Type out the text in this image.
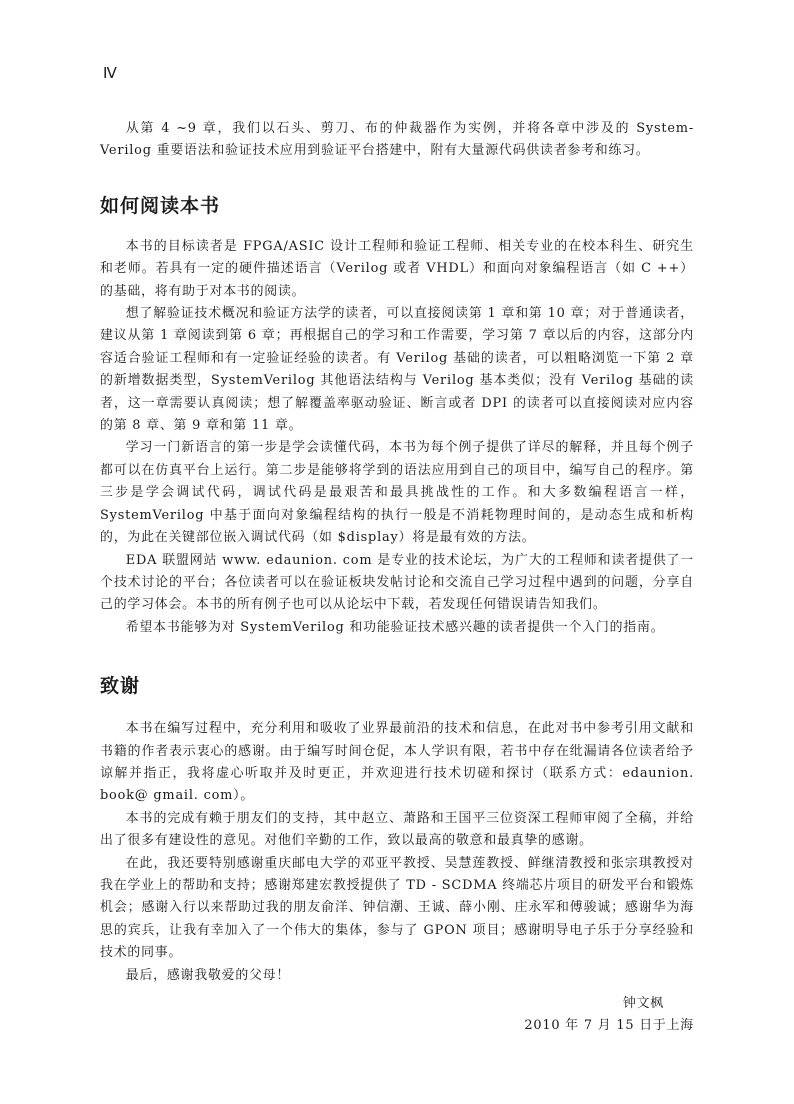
Ⅳ

从第 4 ~9 章，我们以石头、剪刀、布的仲裁器作为实例，并将各章中涉及的 System-Verilog 重要语法和验证技术应用到验证平台搭建中，附有大量源代码供读者参考和练习。

如何阅读本书

本书的目标读者是 FPGA/ASIC 设计工程师和验证工程师、相关专业的在校本科生、研究生和老师。若具有一定的硬件描述语言（Verilog 或者 VHDL）和面向对象编程语言（如 C ++）的基础，将有助于对本书的阅读。

想了解验证技术概况和验证方法学的读者，可以直接阅读第 1 章和第 10 章；对于普通读者，建议从第 1 章阅读到第 6 章；再根据自己的学习和工作需要，学习第 7 章以后的内容，这部分内容适合验证工程师和有一定验证经验的读者。有 Verilog 基础的读者，可以粗略浏览一下第 2 章的新增数据类型，SystemVerilog 其他语法结构与 Verilog 基本类似；没有 Verilog 基础的读者，这一章需要认真阅读；想了解覆盖率驱动验证、断言或者 DPI 的读者可以直接阅读对应内容的第 8 章、第 9 章和第 11 章。

学习一门新语言的第一步是学会读懂代码，本书为每个例子提供了详尽的解释，并且每个例子都可以在仿真平台上运行。第二步是能够将学到的语法应用到自己的项目中，编写自己的程序。第三步是学会调试代码，调试代码是最艰苦和最具挑战性的工作。和大多数编程语言一样，SystemVerilog 中基于面向对象编程结构的执行一般是不消耗物理时间的，是动态生成和析构的，为此在关键部位嵌入调试代码（如 $display）将是最有效的方法。

EDA 联盟网站 www. edaunion. com 是专业的技术论坛，为广大的工程师和读者提供了一个技术讨论的平台；各位读者可以在验证板块发帖讨论和交流自己学习过程中遇到的问题，分享自己的学习体会。本书的所有例子也可以从论坛中下载，若发现任何错误请告知我们。

希望本书能够为对 SystemVerilog 和功能验证技术感兴趣的读者提供一个入门的指南。

致谢

本书在编写过程中，充分利用和吸收了业界最前沿的技术和信息，在此对书中参考引用文献和书籍的作者表示衷心的感谢。由于编写时间仓促，本人学识有限，若书中存在纰漏请各位读者给予谅解并指正，我将虚心听取并及时更正，并欢迎进行技术切磋和探讨（联系方式：edaunion. book@ gmail. com）。

本书的完成有赖于朋友们的支持，其中赵立、萧路和王国平三位资深工程师审阅了全稿，并给出了很多有建设性的意见。对他们辛勤的工作，致以最高的敬意和最真挚的感谢。

在此，我还要特别感谢重庆邮电大学的邓亚平教授、吴慧莲教授、鲜继清教授和张宗琪教授对我在学业上的帮助和支持；感谢郑建宏教授提供了 TD - SCDMA 终端芯片项目的研发平台和锻炼机会；感谢入行以来帮助过我的朋友俞洋、钟信潮、王诚、薛小刚、庄永军和傅骏诚；感谢华为海思的宾兵，让我有幸加入了一个伟大的集体，参与了 GPON 项目；感谢明导电子乐于分享经验和技术的同事。

最后，感谢我敬爱的父母！

钟文枫

2010 年 7 月 15 日于上海
